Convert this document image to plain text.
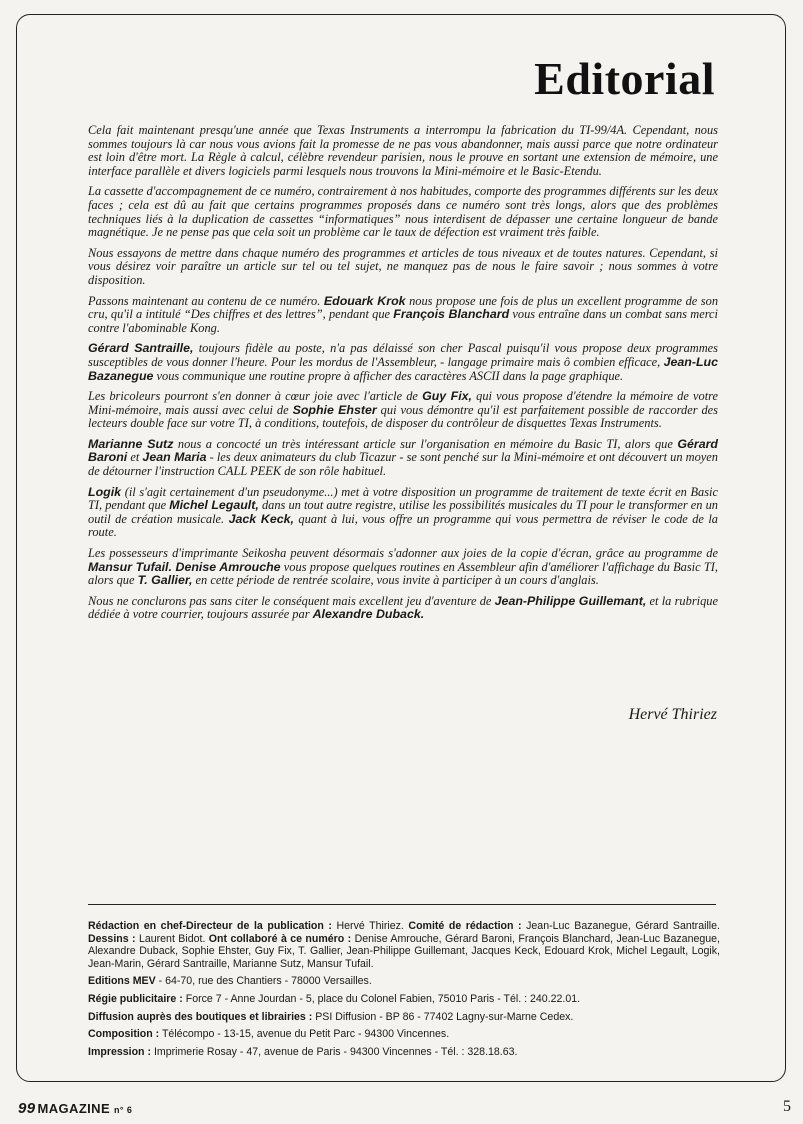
Editorial

Cela fait maintenant presqu'une année que Texas Instruments a interrompu la fabrication du TI-99/4A. Cependant, nous sommes toujours là car nous vous avions fait la promesse de ne pas vous abandonner, mais aussi parce que notre ordinateur est loin d'être mort. La Règle à calcul, célèbre revendeur parisien, nous le prouve en sortant une extension de mémoire, une interface parallèle et divers logiciels parmi lesquels nous trouvons la Mini-mémoire et le Basic-Etendu.

La cassette d'accompagnement de ce numéro, contrairement à nos habitudes, comporte des programmes différents sur les deux faces ; cela est dû au fait que certains programmes proposés dans ce numéro sont très longs, alors que des problèmes techniques liés à la duplication de cassettes “informatiques” nous interdisent de dépasser une certaine longueur de bande magnétique. Je ne pense pas que cela soit un problème car le taux de défection est vraiment très faible.

Nous essayons de mettre dans chaque numéro des programmes et articles de tous niveaux et de toutes natures. Cependant, si vous désirez voir paraître un article sur tel ou tel sujet, ne manquez pas de nous le faire savoir ; nous sommes à votre disposition.

Passons maintenant au contenu de ce numéro. Edouark Krok nous propose une fois de plus un excellent programme de son cru, qu'il a intitulé “Des chiffres et des lettres”, pendant que François Blanchard vous entraîne dans un combat sans merci contre l'abominable Kong.

Gérard Santraille, toujours fidèle au poste, n'a pas délaissé son cher Pascal puisqu'il vous propose deux programmes susceptibles de vous donner l'heure. Pour les mordus de l'Assembleur, - langage primaire mais ô combien efficace, Jean-Luc Bazanegue vous communique une routine propre à afficher des caractères ASCII dans la page graphique.

Les bricoleurs pourront s'en donner à cœur joie avec l'article de Guy Fix, qui vous propose d'étendre la mémoire de votre Mini-mémoire, mais aussi avec celui de Sophie Ehster qui vous démontre qu'il est parfaitement possible de raccorder des lecteurs double face sur votre TI, à conditions, toutefois, de disposer du contrôleur de disquettes Texas Instruments.

Marianne Sutz nous a concocté un très intéressant article sur l'organisation en mémoire du Basic TI, alors que Gérard Baroni et Jean Maria - les deux animateurs du club Ticazur - se sont penché sur la Mini-mémoire et ont découvert un moyen de détourner l'instruction CALL PEEK de son rôle habituel.

Logik (il s'agit certainement d'un pseudonyme...) met à votre disposition un programme de traitement de texte écrit en Basic TI, pendant que Michel Legault, dans un tout autre registre, utilise les possibilités musicales du TI pour le transformer en un outil de création musicale. Jack Keck, quant à lui, vous offre un programme qui vous permettra de réviser le code de la route.

Les possesseurs d'imprimante Seikosha peuvent désormais s'adonner aux joies de la copie d'écran, grâce au programme de Mansur Tufail. Denise Amrouche vous propose quelques routines en Assembleur afin d'améliorer l'affichage du Basic TI, alors que T. Gallier, en cette période de rentrée scolaire, vous invite à participer à un cours d'anglais.

Nous ne conclurons pas sans citer le conséquent mais excellent jeu d'aventure de Jean-Philippe Guillemant, et la rubrique dédiée à votre courrier, toujours assurée par Alexandre Duback.

Hervé Thiriez

Rédaction en chef-Directeur de la publication : Hervé Thiriez. Comité de rédaction : Jean-Luc Bazanegue, Gérard Santraille. Dessins : Laurent Bidot. Ont collaboré à ce numéro : Denise Amrouche, Gérard Baroni, François Blanchard, Jean-Luc Bazanegue, Alexandre Duback, Sophie Ehster, Guy Fix, T. Gallier, Jean-Philippe Guillemant, Jacques Keck, Edouard Krok, Michel Legault, Logik, Jean-Marin, Gérard Santraille, Marianne Sutz, Mansur Tufail.

Editions MEV - 64-70, rue des Chantiers - 78000 Versailles.

Régie publicitaire : Force 7 - Anne Jourdan - 5, place du Colonel Fabien, 75010 Paris - Tél. : 240.22.01.

Diffusion auprès des boutiques et librairies : PSI Diffusion - BP 86 - 77402 Lagny-sur-Marne Cedex.

Composition : Télécompo - 13-15, avenue du Petit Parc - 94300 Vincennes.

Impression : Imprimerie Rosay - 47, avenue de Paris - 94300 Vincennes - Tél. : 328.18.63.

99 MAGAZINE n° 6	5
